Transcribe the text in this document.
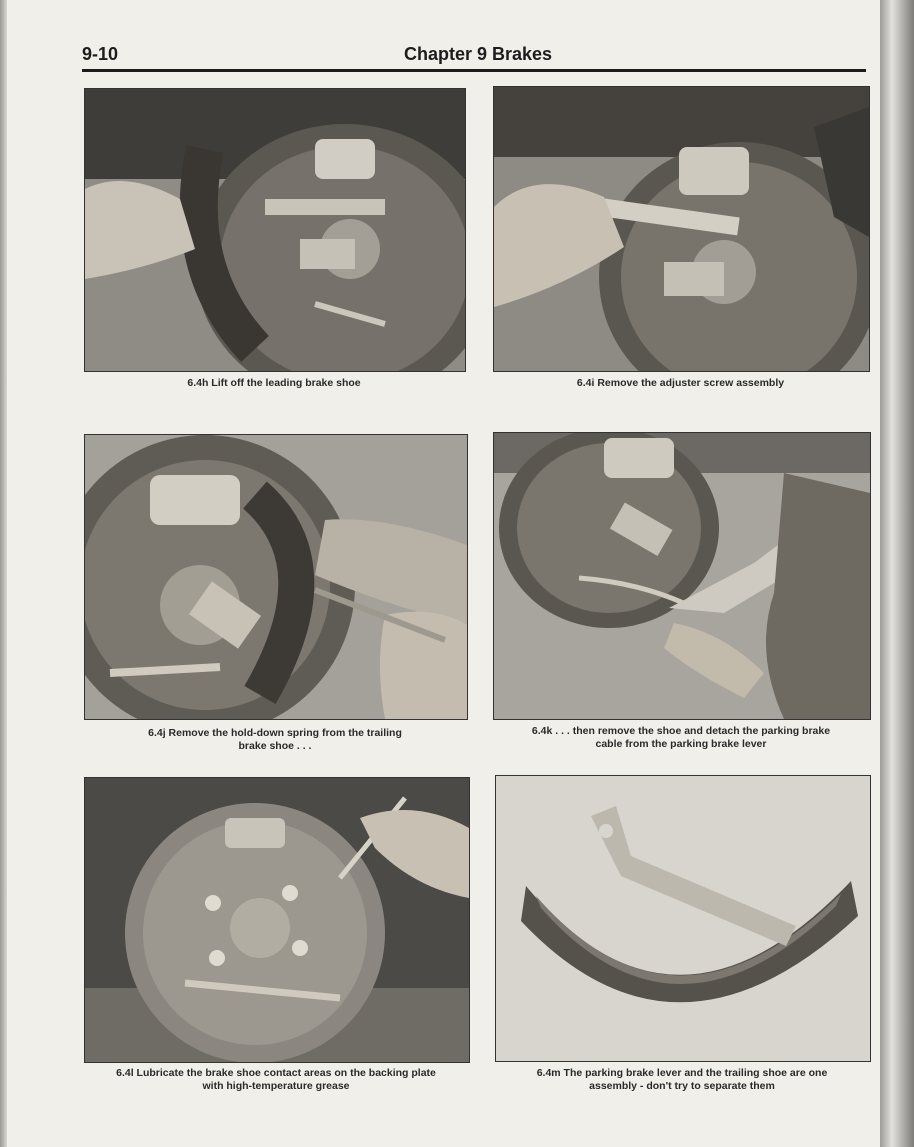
9-10	Chapter 9 Brakes
6.4h Lift off the leading brake shoe	6.4i Remove the adjuster screw assembly
6.4j Remove the hold-down spring from the trailing
brake shoe . . .
6.4k . . . then remove the shoe and detach the parking brake
cable from the parking brake lever
6.4l Lubricate the brake shoe contact areas on the backing plate
with high-temperature grease
6.4m The parking brake lever and the trailing shoe are one
assembly - don't try to separate them
